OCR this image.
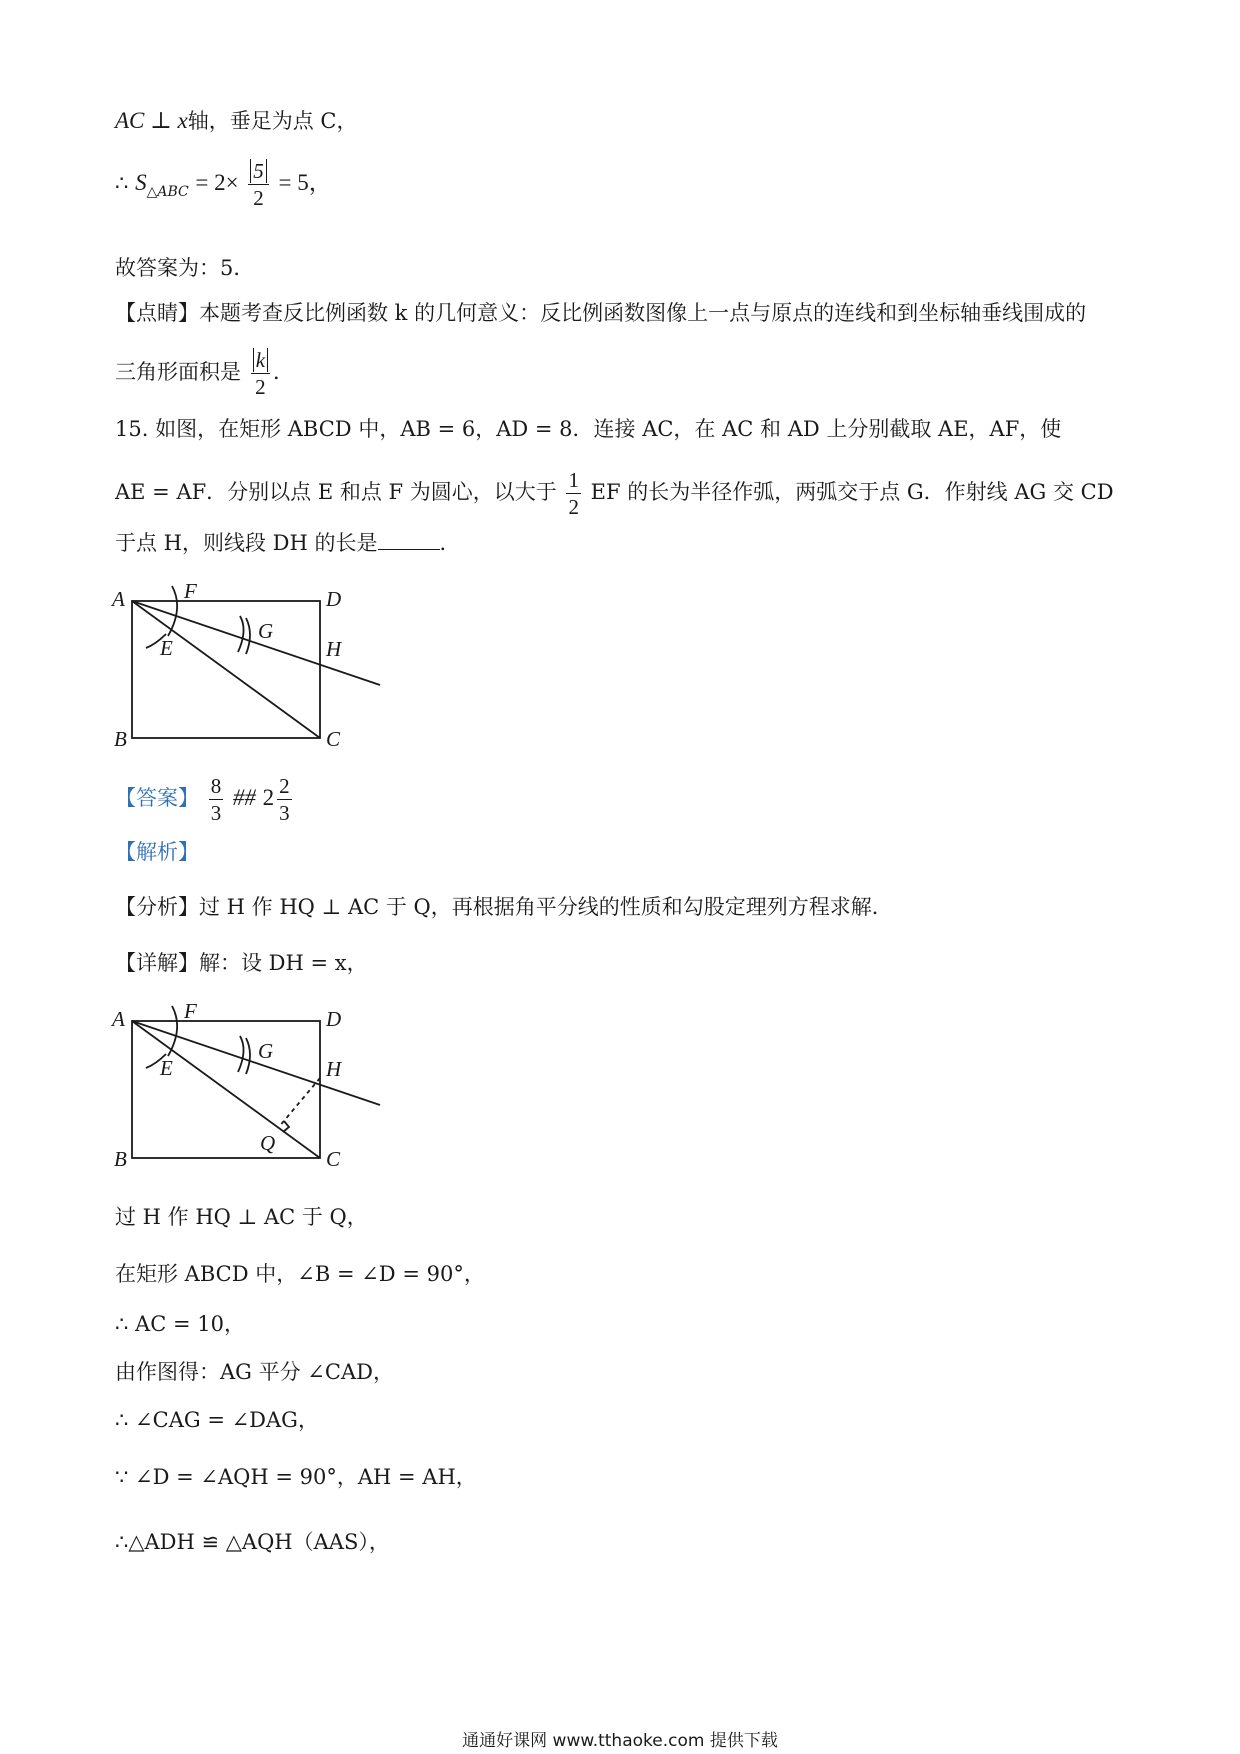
AC ⊥ x轴，垂足为点 C，
∴ $S_{\triangle ABC} = 2\times \frac{5}{2} = 5$，
故答案为：5．
【点睛】本题考查反比例函数 k 的几何意义：反比例函数图像上一点与原点的连线和到坐标轴垂线围成的
三角形面积是 $\frac{k}{2}$ ．
15. 如图，在矩形 ABCD 中，AB = 6，AD = 8．连接 AC，在 AC 和 AD 上分别截取 AE，AF，使
AE = AF．分别以点 E 和点 F 为圆心，以大于 $\frac{1}{2}$ EF 的长为半径作弧，两弧交于点 G．作射线 AG 交 CD
于点 H，则线段 DH 的长是	．
A	F	D
G
E	H
B	C
【答案】 $\frac{8}{3}$ ## $2 \frac{2}{3}$
【解析】
【分析】过 H 作 HQ ⊥ AC 于 Q，再根据角平分线的性质和勾股定理列方程求解．
【详解】解：设 DH = x，
A	F	D
G
E	H
B
Q
C
过 H 作 HQ ⊥ AC 于 Q，
在矩形 ABCD 中，∠B = ∠D = 90°，
∴ AC = 10，
由作图得：AG 平分 ∠CAD，
∴ ∠CAG = ∠DAG，
∵ ∠D = ∠AQH = 90°，AH = AH，
∴△ADH ≌ △AQH（AAS），
通通好课网 www.tthaoke.com 提供下载
